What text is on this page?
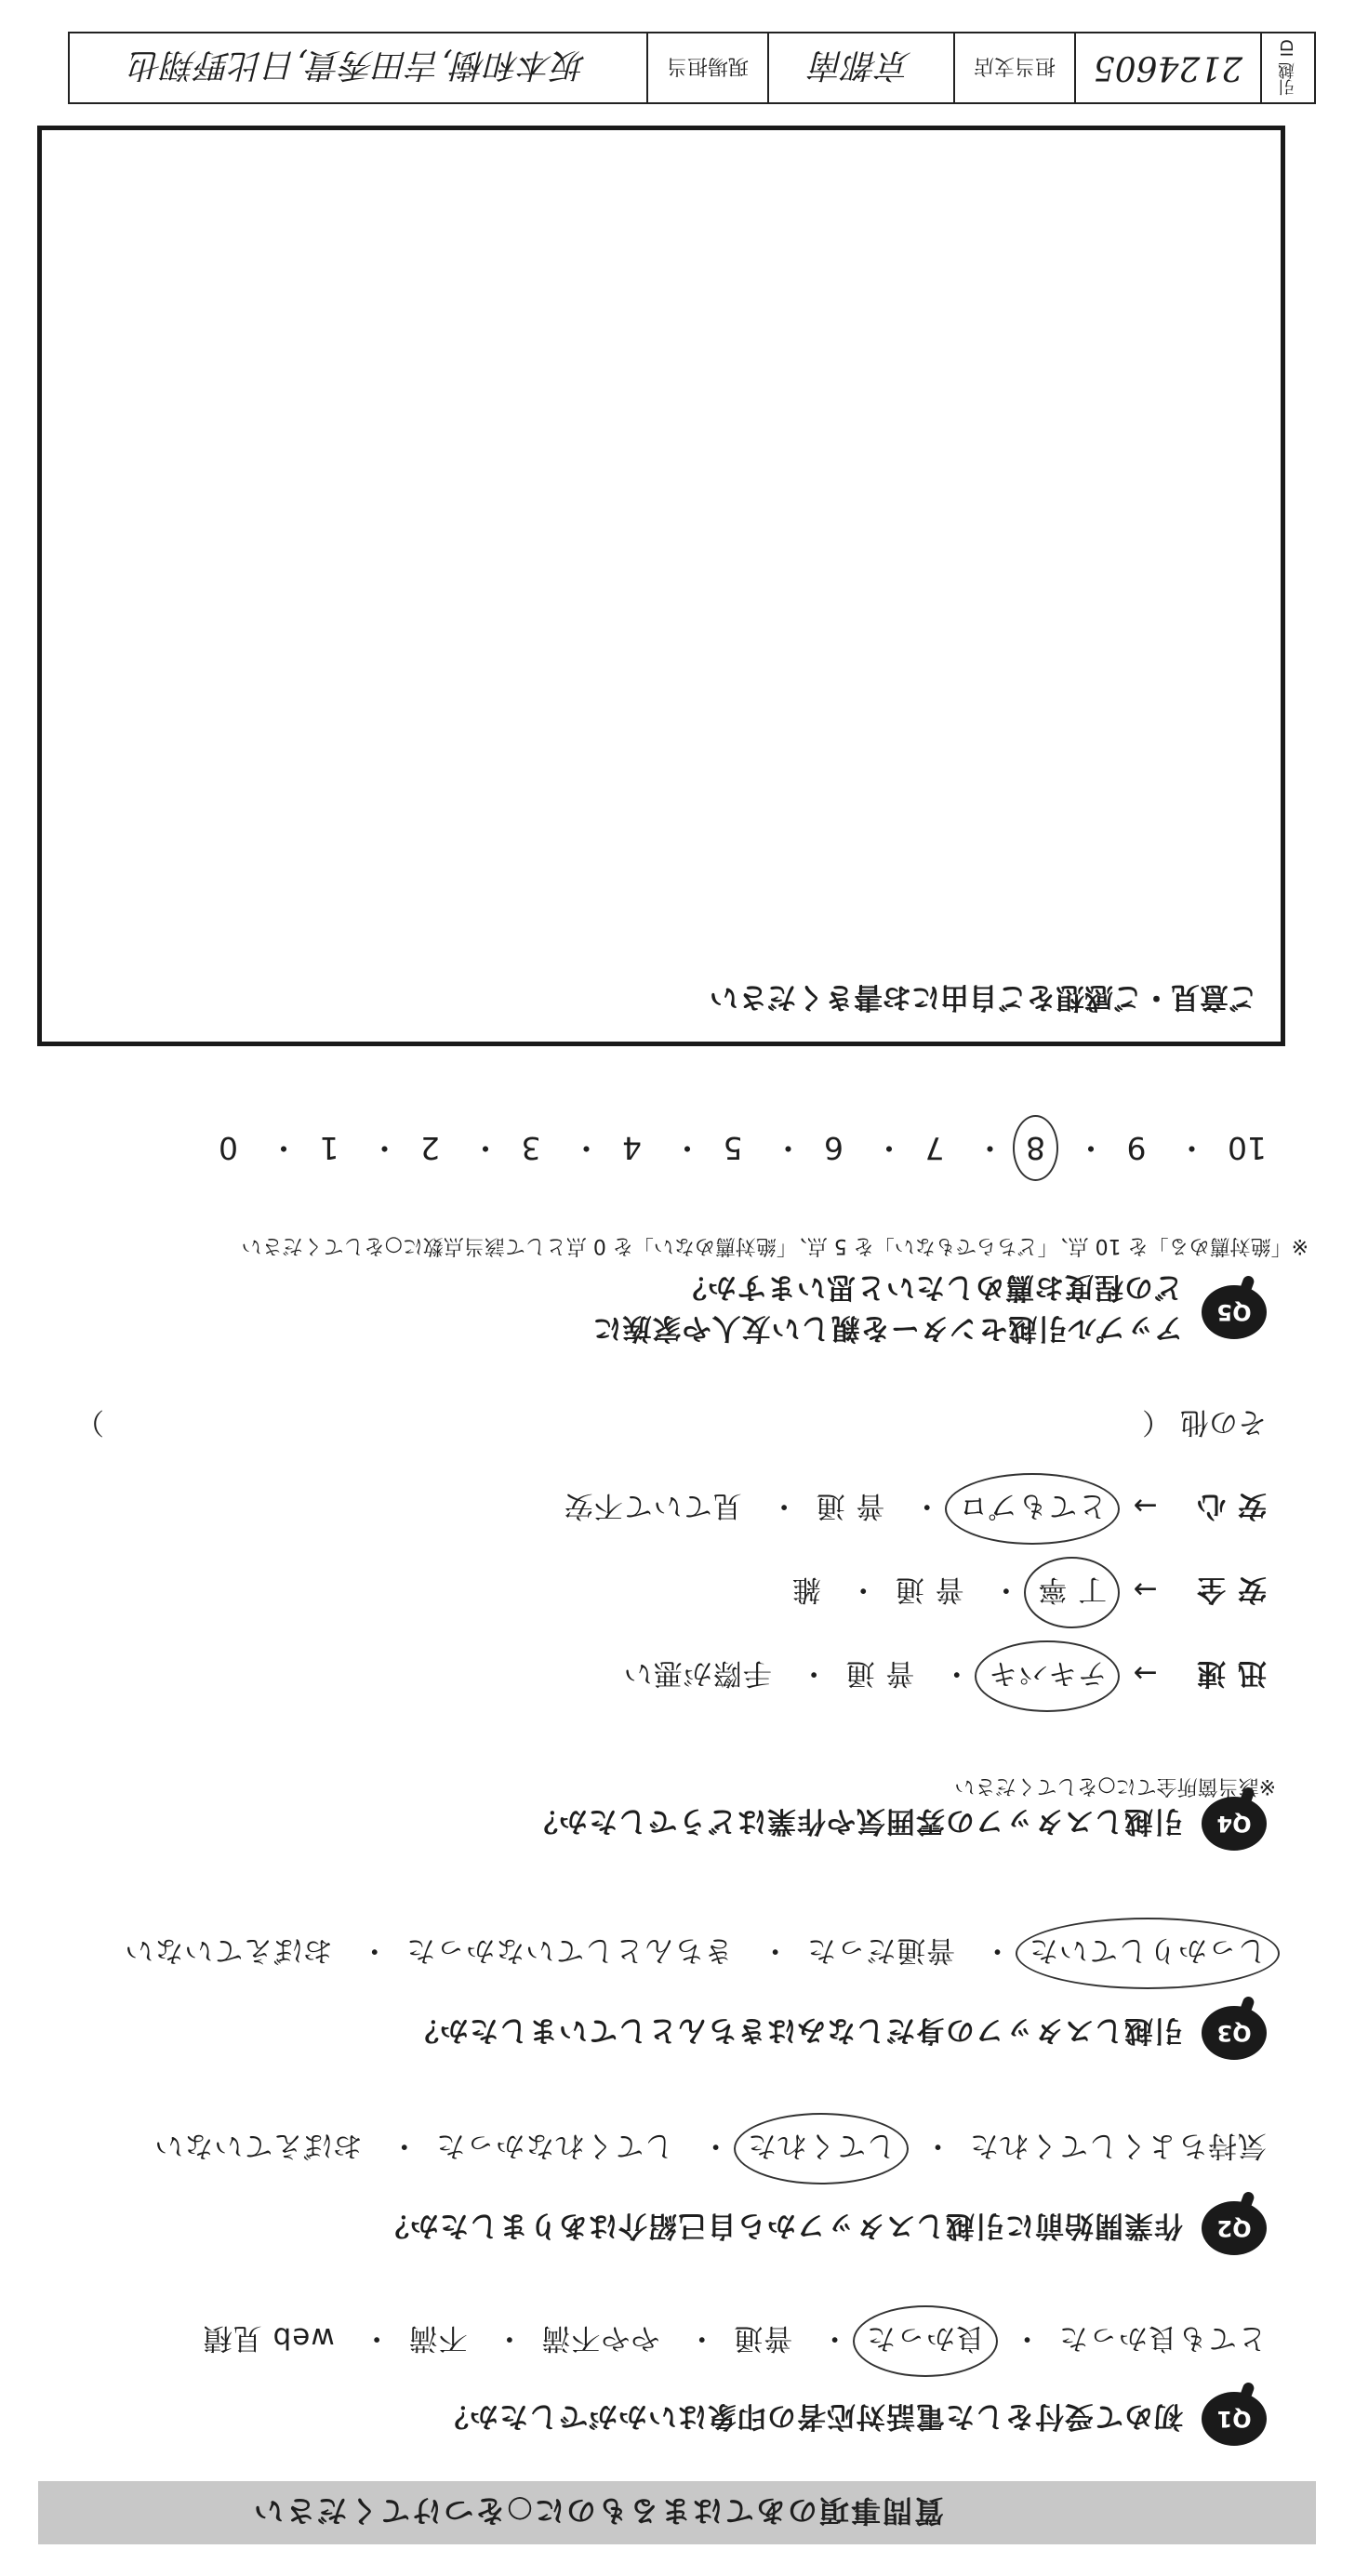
質問事項のあてはまるものに○をつけてください
Q1
初めて受付をした電話対応者の印象はいかがでしたか？
とても良かった・ 良かった・ 普通・ やや不満・ 不満・ web 見積
Q2
作業開始前に引越しスタッフから自己紹介はありましたか？
気持ちよくしてくれた・ してくれた・ してくれなかった・ おぼえていない
Q3
引越しスタッフの身だしなみはきちんとしていましたか？
しっかりしていた・ 普通だった・ きちんとしていなかった・ おぼえていない
Q4
引越しスタッフの雰囲気や作業はどうでしたか？
※該当箇所全てに○をしてください
迅 速 → テキパキ・ 普 通・ 手際が悪い
安 全 → 丁 寧・ 普 通・ 雑
安 心 → とてもプロ・ 普 通・ 見ていて不安
その他 （
）
Q5
アップル引越センターを親しい友人や家族に
どの程度お薦めしたいと思いますか？
※「絶対薦める」を 10 点、「どちらでもない」を 5 点、「絶対薦めない」を 0 点として該当点数に○をしてください
10・ 9・ 8・ 7・ 6・ 5・ 4・ 3・ 2・ 1・ 0
ご意見・ご感想をご自由にお書きください
引越 ID
2124605
担当支店
京都南
現場担当
坂本和樹,吉田秀貴,日比野翔也
